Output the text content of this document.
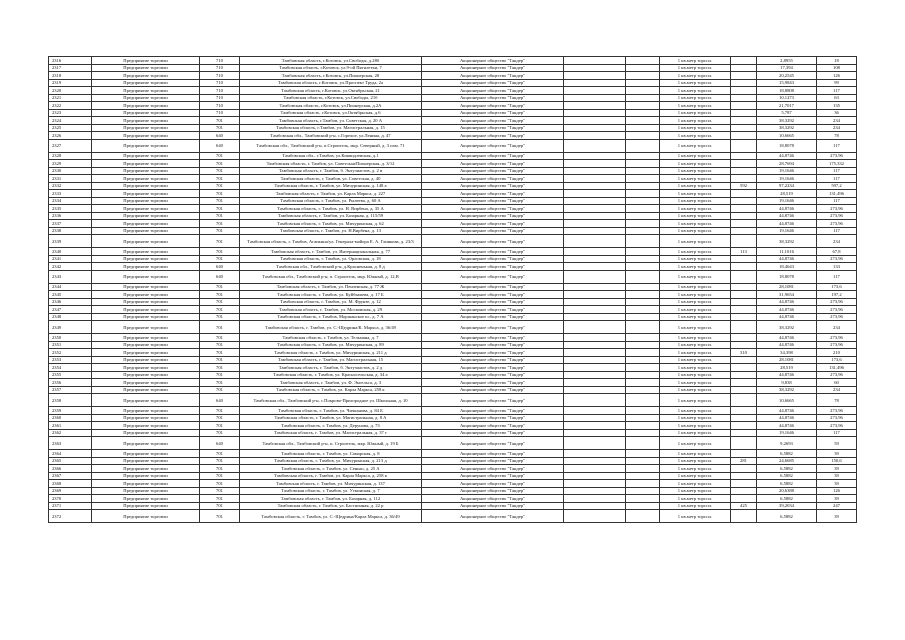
2316	Предприятие торговли	710	Тамбовская область, г.Котовск, ул.Свободы, д.28б	Акционерное общество "Тандер"			1 кв.метр торг.пл.		2,8955	18
2317	Предприятие торговли	710	Тамбовская область, г.Котовск, ул.9-ой Пятилетки, 7	Акционерное общество "Тандер"			1 кв.метр торг.пл.		17,394	108
2318	Предприятие торговли	710	Тамбовская область, г.Котовск, ул.Пионерская, 28	Акционерное общество "Тандер"			1 кв.метр торг.пл.		20,2545	126
2319	Предприятие торговли	710	Тамбовская область, г.Котовск, ул.Проспект Труда, 2а	Акционерное общество "Тандер"			1 кв.метр торг.пл.		15,9843	99
2320	Предприятие торговли	710	Тамбовская область, г.Котовск, ул.Октябрьская, 21	Акционерное общество "Тандер"			1 кв.метр торг.пл.		18,8808	117
2321	Предприятие торговли	710	Тамбовская область, г.Котовск, ул.Свободы, 21б	Акционерное общество "Тандер"			1 кв.метр торг.пл.		10,1273	63
2322	Предприятие торговли	710	Тамбовская область, г.Котовск, ул.Пионерская, д.2А	Акционерное общество "Тандер"			1 кв.метр торг.пл.		21,7017	135
2323	Предприятие торговли	710	Тамбовская область, г.Котовск, ул.Октябрьская, д.6	Акционерное общество "Тандер"			1 кв.метр торг.пл.		5,787	36
2324	Предприятие торговли	701	Тамбовская область, г.Тамбов, ул. Советская, д. 20 А	Акционерное общество "Тандер"			1 кв.метр торг.пл.		38,3292	234
2325	Предприятие торговли	701	Тамбовская область, г.Тамбов, ул. Магистральная, д. 15	Акционерное общество "Тандер"			1 кв.метр торг.пл.		38,3292	234
2326	Предприятие торговли	640	Тамбовская обл., Тамбовский р-н, с.Горелое, ул.Ленина, д. 47	Акционерное общество "Тандер"			1 кв.метр торг.пл.		10,6665	78
2327	Предприятие торговли	640	Тамбовская обл., Тамбовский р-н, п.Строитель, мкр. Северный, д. 3 пом. 71	Акционерное общество "Тандер"			1 кв.метр торг.пл.		18,8078	117
2328	Предприятие торговли	701	Тамбовская обл., г.Тамбов, ул.Киквидзевская, д.1	Акционерное общество "Тандер"			1 кв.метр торг.пл.		44,8746	273,96
2329	Предприятие торговли	701	Тамбовская область, г. Тамбов, ул. Советская/Пионерская, д. 3/12	Акционерное общество "Тандер"			1 кв.метр торг.пл.		28,7694	175,332
2330	Предприятие торговли	701	Тамбовская область, г. Тамбов, б. Энтузиастов, д. 2 в	Акционерное общество "Тандер"			1 кв.метр торг.пл.		19,1646	117
2331	Предприятие торговли	701	Тамбовская область, г. Тамбов, ул. Советская, д. 40	Акционерное общество "Тандер"			1 кв.метр торг.пл.		19,1646	117
2332	Предприятие торговли	701	Тамбовская область, г. Тамбов, ул. Мичуринская, д. 148 а	Акционерное общество "Тандер"			1 кв.метр торг.пл.	592	97,2234	597,2
2333	Предприятие торговли	701	Тамбовская область, г. Тамбов, ул. Карла Маркса, д. 227	Акционерное общество "Тандер"			1 кв.метр торг.пл.		28,519	131,496
2334	Предприятие торговли	701	Тамбовская область, г. Тамбов, ул. Рылеева, д. 60 А	Акционерное общество "Тандер"			1 кв.метр торг.пл.		19,1646	117
2335	Предприятие торговли	701	Тамбовская область, г. Тамбов, ул. Н. Вирбена, д. 35 А	Акционерное общество "Тандер"			1 кв.метр торг.пл.		44,8746	273,96
2336	Предприятие торговли	701	Тамбовская область, г. Тамбов, ул. Базарная, д. 115/59	Акционерное общество "Тандер"			1 кв.метр торг.пл.		44,8746	273,96
2337	Предприятие торговли	701	Тамбовская область, г. Тамбов, ул. Мичуринская, д. 62	Акционерное общество "Тандер"			1 кв.метр торг.пл.		44,8746	273,96
2338	Предприятие торговли	701	Тамбовская область, г. Тамбов, ул. Н.Вирбена, д. 13	Акционерное общество "Тандер"			1 кв.метр торг.пл.		19,1646	117
2339	Предприятие торговли	701	Тамбовская область, г. Тамбов, Агапкина/ул. Генерала-майора Е. А. Глинкова, д. 23/3	Акционерное общество "Тандер"			1 кв.метр торг.пл.		38,3292	234
2340	Предприятие торговли	701	Тамбовская область, г. Тамбов, ул. Интернациональная, д. 77	Акционерное общество "Тандер"			1 кв.метр торг.пл.	113	11,1016	67,8
2341	Предприятие торговли	701	Тамбовская область, г. Тамбов, ул. Орловская, д. 18	Акционерное общество "Тандер"			1 кв.метр торг.пл.		44,8746	273,96
2342	Предприятие торговли	640	Тамбовская обл., Тамбовский р-н, д.Красненькая, д. 8 д	Акционерное общество "Тандер"			1 кв.метр торг.пл.		18,4643	133
2343	Предприятие торговли	640	Тамбовская обл., Тамбовский р-н, п. Строитель, мкр. Южный, д. 12,В	Акционерное общество "Тандер"			1 кв.метр торг.пл.		18,8078	117
2344	Предприятие торговли	701	Тамбовская область, г. Тамбов, ул. Пензенская, д. 77 Ж	Акционерное общество "Тандер"			1 кв.метр торг.пл.		28,1081	173,6
2345	Предприятие торговли	701	Тамбовская область, г. Тамбов, ул. Куйбышева, д. 17 Б	Акционерное общество "Тандер"			1 кв.метр торг.пл.		31,9654	197,2
2346	Предприятие торговли	701	Тамбовская область, г. Тамбов, ул. М. Фрунзе, д. 12	Акционерное общество "Тандер"			1 кв.метр торг.пл.		44,8746	273,96
2347	Предприятие торговли	701	Тамбовская область, г. Тамбов, ул. Московская, д. 29	Акционерное общество "Тандер"			1 кв.метр торг.пл.		44,8746	273,96
2348	Предприятие торговли	701	Тамбовская область, г. Тамбов, Моршанское ш., д. 7 А	Акционерное общество "Тандер"			1 кв.метр торг.пл.		44,8746	273,96
2349	Предприятие торговли	701	Тамбовская область, г. Тамбов, ул. С.-Щедрина/К. Маркса, д. 36/49	Акционерное общество "Тандер"			1 кв.метр торг.пл.		38,3292	234
2350	Предприятие торговли	701	Тамбовская область, г. Тамбов, ул. Тельмана, д. 7	Акционерное общество "Тандер"			1 кв.метр торг.пл.		44,8746	273,96
2351	Предприятие торговли	701	Тамбовская область, г. Тамбов, ул. Мичуринская, д. 89	Акционерное общество "Тандер"			1 кв.метр торг.пл.		44,8746	273,96
2352	Предприятие торговли	701	Тамбовская область, г. Тамбов, ул. Мичуринская, д. 211 д	Акционерное общество "Тандер"			1 кв.метр торг.пл.	310	34,398	210
2353	Предприятие торговли	701	Тамбовская область, г. Тамбов, ул. Магистральная, 15	Акционерное общество "Тандер"			1 кв.метр торг.пл.		28,1081	173,6
2354	Предприятие торговли	701	Тамбовская область, г. Тамбов, б. Энтузиастов, д. 2 д	Акционерное общество "Тандер"			1 кв.метр торг.пл.		28,519	131,496
2355	Предприятие торговли	701	Тамбовская область, г. Тамбов, ул. Красносельская, д. 34 а	Акционерное общество "Тандер"			1 кв.метр торг.пл.		44,8746	273,96
2356	Предприятие торговли	701	Тамбовская область, г. Тамбов, ул. Ф. Энгельса, д. 3	Акционерное общество "Тандер"			1 кв.метр торг.пл.		9,838	60
2357	Предприятие торговли	701	Тамбовская область, г. Тамбов, ул. Карла Маркса, 258 к	Акционерное общество "Тандер"			1 кв.метр торг.пл.		38,3292	234
2358	Предприятие торговли	640	Тамбовская обл., Тамбовский р-н, с.Покрово-Пригородное ул. Школьная, д. 10	Акционерное общество "Тандер"			1 кв.метр торг.пл.		10,6665	78
2359	Предприятие торговли	701	Тамбовская область, г. Тамбов, ул. Чичканова, д. 84 Б	Акционерное общество "Тандер"			1 кв.метр торг.пл.		44,8746	273,96
2360	Предприятие торговли	701	Тамбовская область, г. Тамбов, ул. Магистральная, д. 8 А	Акционерное общество "Тандер"			1 кв.метр торг.пл.		44,8746	273,96
2361	Предприятие торговли	701	Тамбовская область, г. Тамбов, ул. Дерунова, д. 73	Акционерное общество "Тандер"			1 кв.метр торг.пл.		44,8746	273,96
2362	Предприятие торговли	701	Тамбовская область, г. Тамбов, ул. Магистральная, д. 37 г	Акционерное общество "Тандер"			1 кв.метр торг.пл.		19,1646	117
2363	Предприятие торговли	640	Тамбовская обл., Тамбовский р-н, п. Строитель, мкр. Южный, д. 19 Б	Акционерное общество "Тандер"			1 кв.метр торг.пл.		9,2693	59
2364	Предприятие торговли	701	Тамбовская область, г. Тамбов, ул. Самарская, д. 8	Акционерное общество "Тандер"			1 кв.метр торг.пл.		6,5882	39
2365	Предприятие торговли	701	Тамбовская область, г. Тамбов, ул. Мичуринская, д. 213 д	Акционерное общество "Тандер"			1 кв.метр торг.пл.	281	24,6685	150,6
2366	Предприятие торговли	701	Тамбовская область, г. Тамбов, ул. Сенько, д. 25 А	Акционерное общество "Тандер"			1 кв.метр торг.пл.		6,5882	39
2367	Предприятие торговли	701	Тамбовская область, г. Тамбов, ул. Карла Маркса, д. 258 к	Акционерное общество "Тандер"			1 кв.метр торг.пл.		6,5882	39
2368	Предприятие торговли	701	Тамбовская область, г. Тамбов, ул. Мичуринская, д. 137	Акционерное общество "Тандер"			1 кв.метр торг.пл.		6,5882	39
2369	Предприятие торговли	701	Тамбовская область, г. Тамбов, ул. Уткинская, д. 7	Акционерное общество "Тандер"			1 кв.метр торг.пл.		20,6388	126
2370	Предприятие торговли	701	Тамбовская область, г. Тамбов, ул. Базарная, д. 112	Акционерное общество "Тандер"			1 кв.метр торг.пл.		6,5882	39
2371	Предприятие торговли	701	Тамбовская область, г. Тамбов, ул. Бастионная, д. 22 р	Акционерное общество "Тандер"			1 кв.метр торг.пл.	425	39,2034	247
2372	Предприятие торговли	701	Тамбовская область, г. Тамбов, ул. С.-Щедрина/Карла Маркса, д. 36/49	Акционерное общество "Тандер"			1 кв.метр торг.пл.		6,5882	39
